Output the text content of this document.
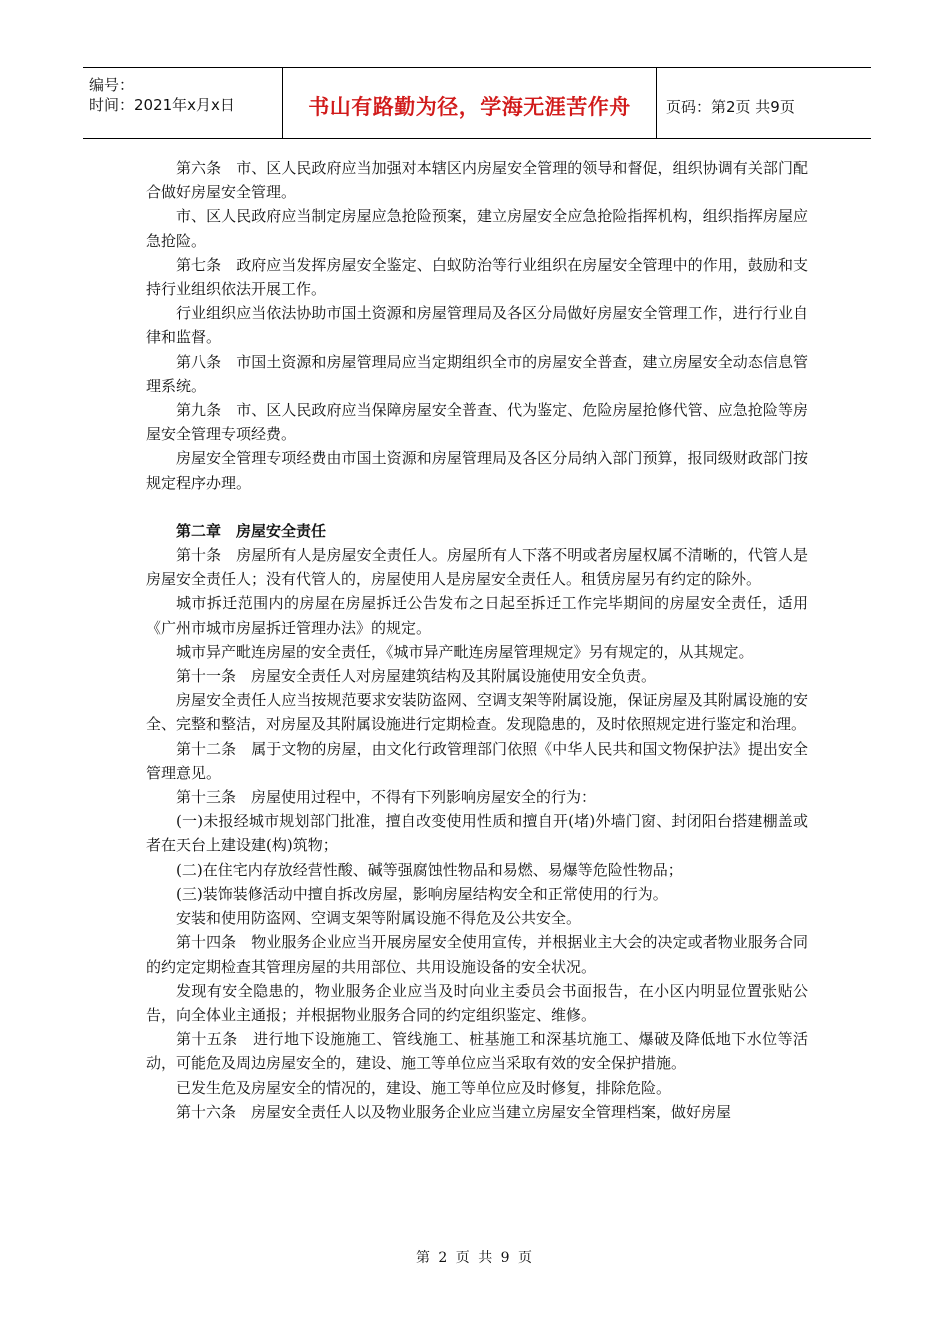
编号：
时间：2021年x月x日	书山有路勤为径，学海无涯苦作舟	页码：第2页 共9页

第六条　市、区人民政府应当加强对本辖区内房屋安全管理的领导和督促，组织协调有关部门配合做好房屋安全管理。

市、区人民政府应当制定房屋应急抢险预案，建立房屋安全应急抢险指挥机构，组织指挥房屋应急抢险。

第七条　政府应当发挥房屋安全鉴定、白蚁防治等行业组织在房屋安全管理中的作用，鼓励和支持行业组织依法开展工作。

行业组织应当依法协助市国土资源和房屋管理局及各区分局做好房屋安全管理工作，进行行业自律和监督。

第八条　市国土资源和房屋管理局应当定期组织全市的房屋安全普查，建立房屋安全动态信息管理系统。

第九条　市、区人民政府应当保障房屋安全普查、代为鉴定、危险房屋抢修代管、应急抢险等房屋安全管理专项经费。

房屋安全管理专项经费由市国土资源和房屋管理局及各区分局纳入部门预算，报同级财政部门按规定程序办理。

第二章　房屋安全责任

第十条　房屋所有人是房屋安全责任人。房屋所有人下落不明或者房屋权属不清晰的，代管人是房屋安全责任人；没有代管人的，房屋使用人是房屋安全责任人。租赁房屋另有约定的除外。

城市拆迁范围内的房屋在房屋拆迁公告发布之日起至拆迁工作完毕期间的房屋安全责任，适用《广州市城市房屋拆迁管理办法》的规定。

城市异产毗连房屋的安全责任，《城市异产毗连房屋管理规定》另有规定的，从其规定。

第十一条　房屋安全责任人对房屋建筑结构及其附属设施使用安全负责。

房屋安全责任人应当按规范要求安装防盗网、空调支架等附属设施，保证房屋及其附属设施的安全、完整和整洁，对房屋及其附属设施进行定期检查。发现隐患的，及时依照规定进行鉴定和治理。

第十二条　属于文物的房屋，由文化行政管理部门依照《中华人民共和国文物保护法》提出安全管理意见。

第十三条　房屋使用过程中，不得有下列影响房屋安全的行为：

(一)未报经城市规划部门批准，擅自改变使用性质和擅自开(堵)外墙门窗、封闭阳台搭建棚盖或者在天台上建设建(构)筑物；

(二)在住宅内存放经营性酸、碱等强腐蚀性物品和易燃、易爆等危险性物品；

(三)装饰装修活动中擅自拆改房屋，影响房屋结构安全和正常使用的行为。

安装和使用防盗网、空调支架等附属设施不得危及公共安全。

第十四条　物业服务企业应当开展房屋安全使用宣传，并根据业主大会的决定或者物业服务合同的约定定期检查其管理房屋的共用部位、共用设施设备的安全状况。

发现有安全隐患的，物业服务企业应当及时向业主委员会书面报告，在小区内明显位置张贴公告，向全体业主通报；并根据物业服务合同的约定组织鉴定、维修。

第十五条　进行地下设施施工、管线施工、桩基施工和深基坑施工、爆破及降低地下水位等活动，可能危及周边房屋安全的，建设、施工等单位应当采取有效的安全保护措施。

已发生危及房屋安全的情况的，建设、施工等单位应及时修复，排除危险。

第十六条　房屋安全责任人以及物业服务企业应当建立房屋安全管理档案，做好房屋

第 2 页 共 9 页
